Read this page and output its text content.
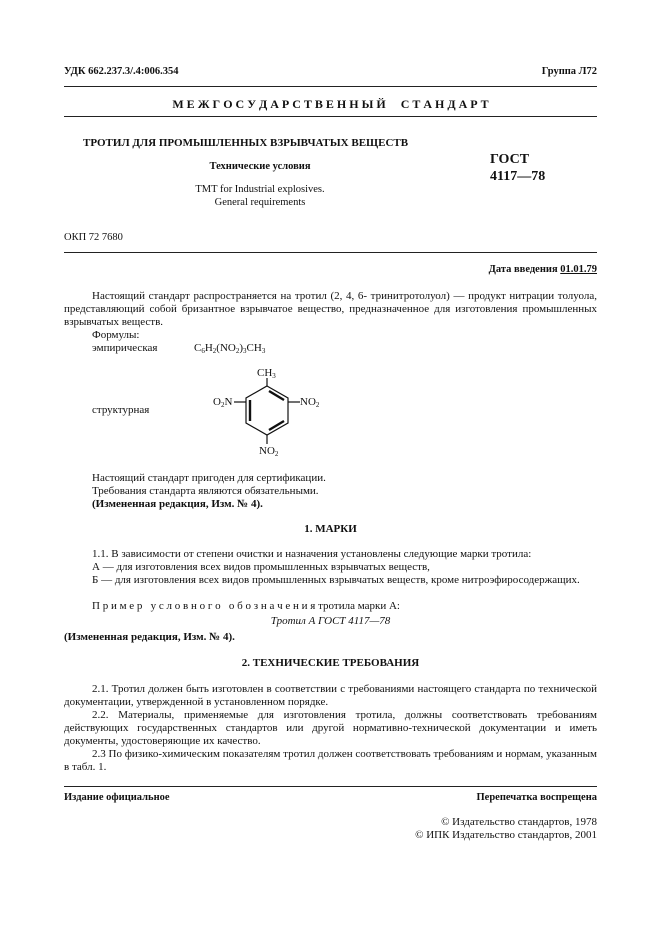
УДК 662.237.3/.4:006.354	Группа Л72
М Е Ж Г О С У Д А Р С Т В Е Н Н Ы Й     С Т А Н Д А Р Т
ТРОТИЛ ДЛЯ ПРОМЫШЛЕННЫХ ВЗРЫВЧАТЫХ ВЕЩЕСТВ
Технические условия
TMT for Industrial explosives.
General requirements
ГОСТ
4117—78
ОКП 72 7680
Дата введения 01.01.79
Настоящий стандарт распространяется на тротил (2, 4, 6- тринитротолуол) — продукт нитрации толуола, представляющий собой бризантное взрывчатое вещество, предназначенное для изготовления промышленных взрывчатых веществ.
Формулы:
эмпирическая	$C_6H_2(NO_2)_3CH_3$
структурная
$CH_3$
$O_2N$	$NO_2$
$NO_2$
Настоящий стандарт пригоден для сертификации.
Требования стандарта являются обязательными.
(Измененная редакция, Изм. № 4).
1. МАРКИ
1.1. В зависимости от степени очистки и назначения установлены следующие марки тротила:
А — для изготовления всех видов промышленных взрывчатых веществ,
Б — для изготовления всех видов промышленных взрывчатых веществ, кроме нитроэфиросодержащих.
П р и м е р   у с л о в н о г о   о б о з н а ч е н и я тротила марки А:
Тротил А ГОСТ 4117—78
(Измененная редакция, Изм. № 4).
2. ТЕХНИЧЕСКИЕ ТРЕБОВАНИЯ
2.1. Тротил должен быть изготовлен в соответствии с требованиями настоящего стандарта по технической документации, утвержденной в установленном порядке.
2.2. Материалы, применяемые для изготовления тротила, должны соответствовать требованиям действующих государственных стандартов или другой нормативно-технической документации и иметь документы, удостоверяющие их качество.
2.3 По физико-химическим показателям тротил должен соответствовать требованиям и нормам, указанным в табл. 1.
Издание официальное	Перепечатка воспрещена
© Издательство стандартов, 1978
© ИПК Издательство стандартов, 2001
